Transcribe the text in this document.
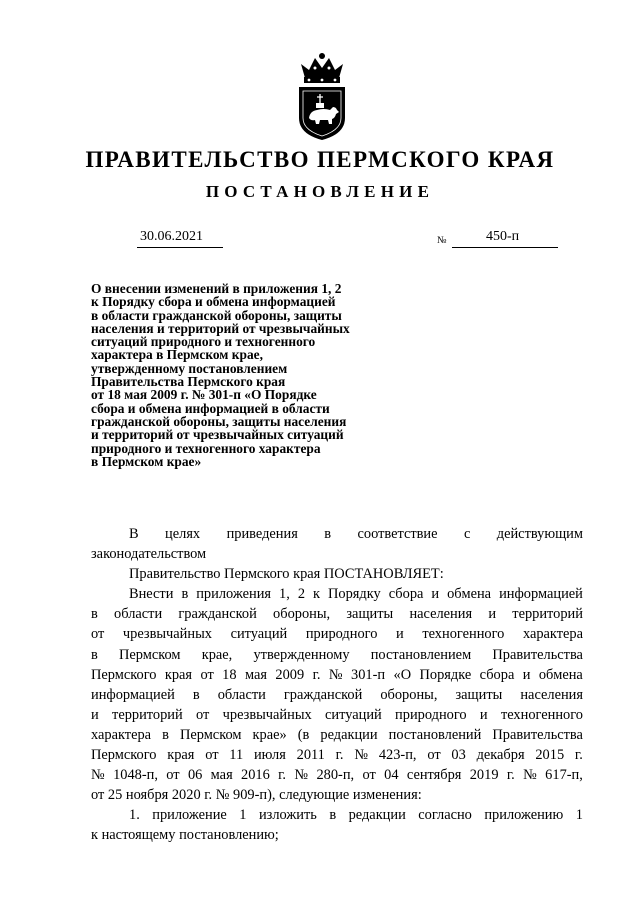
ПРАВИТЕЛЬСТВО ПЕРМСКОГО КРАЯ
ПОСТАНОВЛЕНИЕ
30.06.2021	№	450-п
О внесении изменений в приложения 1, 2
к Порядку сбора и обмена информацией
в области гражданской обороны, защиты
населения и территорий от чрезвычайных
ситуаций природного и техногенного
характера в Пермском крае,
утвержденному постановлением
Правительства Пермского края
от 18 мая 2009 г. № 301-п «О Порядке
сбора и обмена информацией в области
гражданской обороны, защиты населения
и территорий от чрезвычайных ситуаций
природного и техногенного характера
в Пермском крае»
В целях приведения в соответствие с действующим
законодательством
Правительство Пермского края ПОСТАНОВЛЯЕТ:
Внести в приложения 1, 2 к Порядку сбора и обмена информацией
в области гражданской обороны, защиты населения и территорий
от чрезвычайных ситуаций природного и техногенного характера
в Пермском крае, утвержденному постановлением Правительства
Пермского края от 18 мая 2009 г. № 301-п «О Порядке сбора и обмена
информацией в области гражданской обороны, защиты населения
и территорий от чрезвычайных ситуаций природного и техногенного
характера в Пермском крае» (в редакции постановлений Правительства
Пермского края от 11 июля 2011 г. № 423-п, от 03 декабря 2015 г.
№ 1048-п, от 06 мая 2016 г. № 280-п, от 04 сентября 2019 г. № 617-п,
от 25 ноября 2020 г. № 909-п), следующие изменения:
1. приложение 1 изложить в редакции согласно приложению 1
к настоящему постановлению;
